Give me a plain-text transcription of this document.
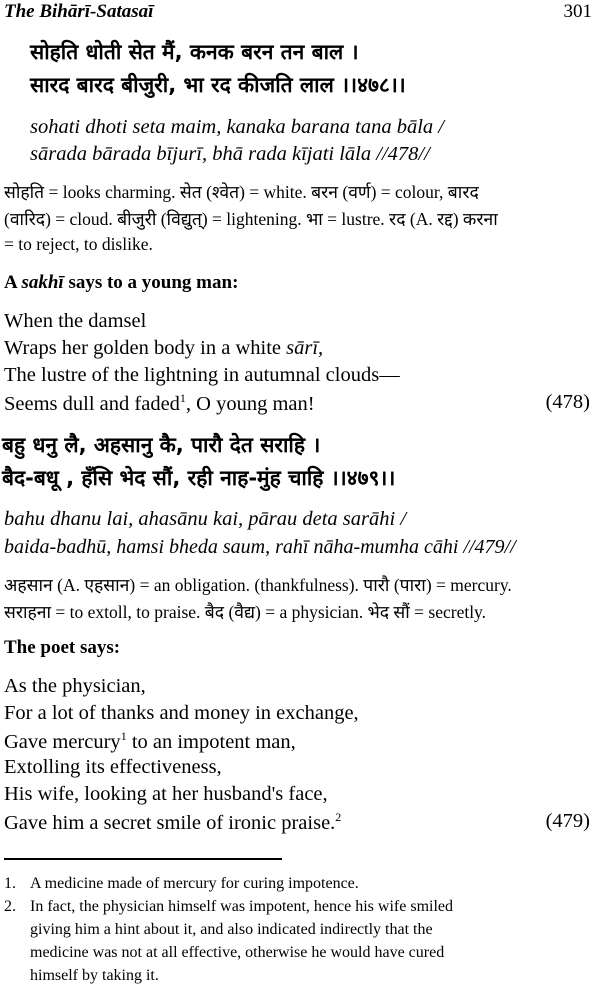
The Bihārī-Satasaī	301
सोहति धोती सेत मैं, कनक बरन तन बाल ।
सारद बारद बीजुरी, भा रद कीजति लाल ।।४७८।।
sohati dhoti seta maim, kanaka barana tana bāla /
sārada bārada bījurī, bhā rada kījati lāla //478//
सोहति = looks charming. सेत (श्वेत) = white. बरन (वर्ण) = colour, बारद
(वारिद) = cloud. बीजुरी (विद्युत्) = lightening. भा = lustre. रद (A. रद्द) करना
= to reject, to dislike.
A sakhī says to a young man:
When the damsel
Wraps her golden body in a white sārī,
The lustre of the lightning in autumnal clouds—
Seems dull and faded$^1$, O young man!	(478)
बहु धनु लै, अहसानु कै, पारौ देत सराहि ।
बैद-बधू , हँसि भेद सौं, रही नाह-मुंह चाहि ।।४७९।।
bahu dhanu lai, ahasānu kai, pārau deta sarāhi /
baida-badhū, hamsi bheda saum, rahī nāha-mumha cāhi //479//
अहसान (A. एहसान) = an obligation. (thankfulness). पारौ (पारा) = mercury.
सराहना = to extoll, to praise. बैद (वैद्य) = a physician. भेद सौं = secretly.
The poet says:
As the physician,
For a lot of thanks and money in exchange,
Gave mercury$^1$ to an impotent man,
Extolling its effectiveness,
His wife, looking at her husband's face,
Gave him a secret smile of ironic praise.$^2$	(479)
1. A medicine made of mercury for curing impotence.
2. In fact, the physician himself was impotent, hence his wife smiled
giving him a hint about it, and also indicated indirectly that the
medicine was not at all effective, otherwise he would have cured
himself by taking it.
